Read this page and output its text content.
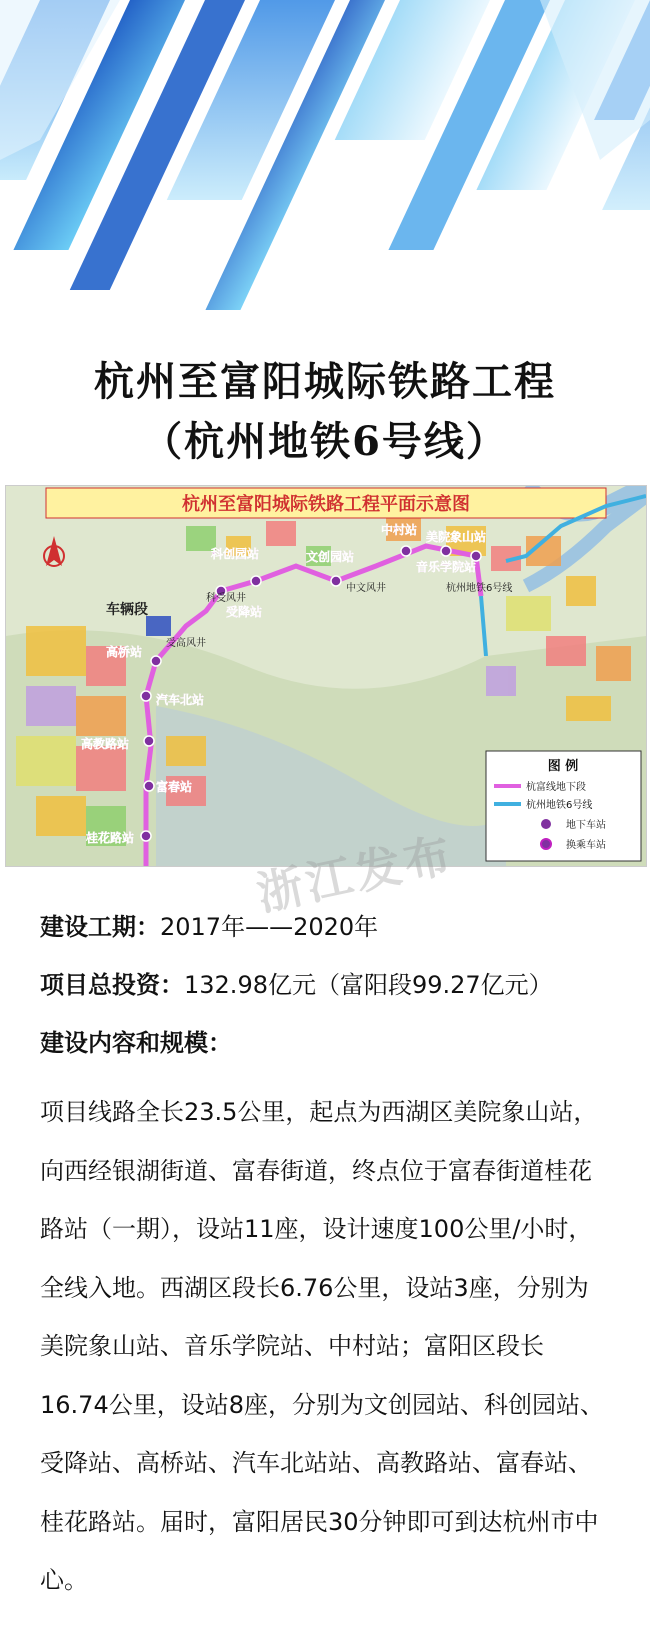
杭州至富阳城际铁路工程
（杭州地铁6号线）
杭州至富阳城际铁路工程平面示意图
美院象山站
中村站
音乐学院站
文创园站
科创园站
受降站
高桥站
汽车北站
高教路站
富春站
桂花路站
车辆段
杭州地铁6号线
中文风井
科受风井
受高风井
图 例
杭富线地下段
杭州地铁6号线
地下车站
换乘车站
浙江发布
建设工期：2017年——2020年
项目总投资：132.98亿元（富阳段99.27亿元）
建设内容和规模：
项目线路全长23.5公里，起点为西湖区美院象山站，向西经银湖街道、富春街道，终点位于富春街道桂花路站（一期），设站11座，设计速度100公里/小时，全线入地。西湖区段长6.76公里，设站3座，分别为美院象山站、音乐学院站、中村站；富阳区段长16.74公里，设站8座，分别为文创园站、科创园站、受降站、高桥站、汽车北站站、高教路站、富春站、桂花路站。届时，富阳居民30分钟即可到达杭州市中心。
